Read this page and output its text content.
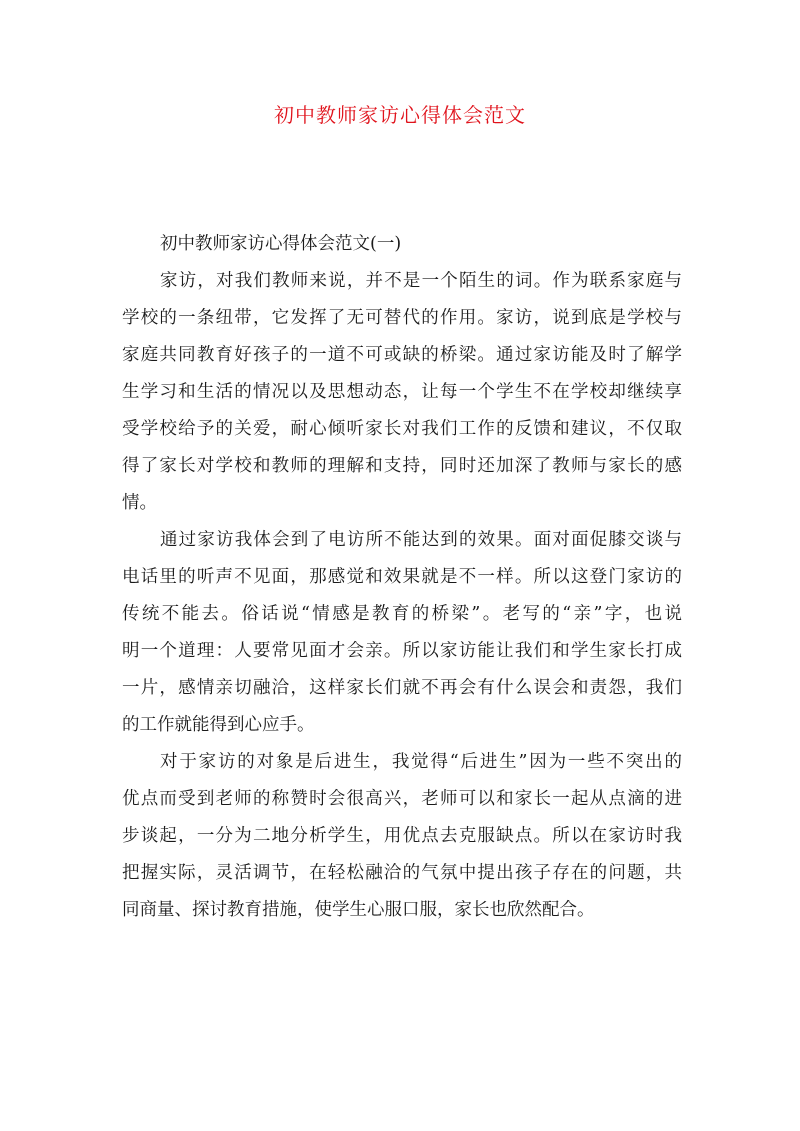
初中教师家访心得体会范文

初中教师家访心得体会范文(一)

家访，对我们教师来说，并不是一个陌生的词。作为联系家庭与
学校的一条纽带，它发挥了无可替代的作用。家访，说到底是学校与
家庭共同教育好孩子的一道不可或缺的桥梁。通过家访能及时了解学
生学习和生活的情况以及思想动态，让每一个学生不在学校却继续享
受学校给予的关爱，耐心倾听家长对我们工作的反馈和建议，不仅取
得了家长对学校和教师的理解和支持，同时还加深了教师与家长的感
情。
通过家访我体会到了电访所不能达到的效果。面对面促膝交谈与
电话里的听声不见面，那感觉和效果就是不一样。所以这登门家访的
传统不能去。俗话说“情感是教育的桥梁”。老写的“亲”字，也说
明一个道理：人要常见面才会亲。所以家访能让我们和学生家长打成
一片，感情亲切融洽，这样家长们就不再会有什么误会和责怨，我们
的工作就能得到心应手。
对于家访的对象是后进生，我觉得“后进生”因为一些不突出的
优点而受到老师的称赞时会很高兴，老师可以和家长一起从点滴的进
步谈起，一分为二地分析学生，用优点去克服缺点。所以在家访时我
把握实际，灵活调节，在轻松融洽的气氛中提出孩子存在的问题，共
同商量、探讨教育措施，使学生心服口服，家长也欣然配合。
